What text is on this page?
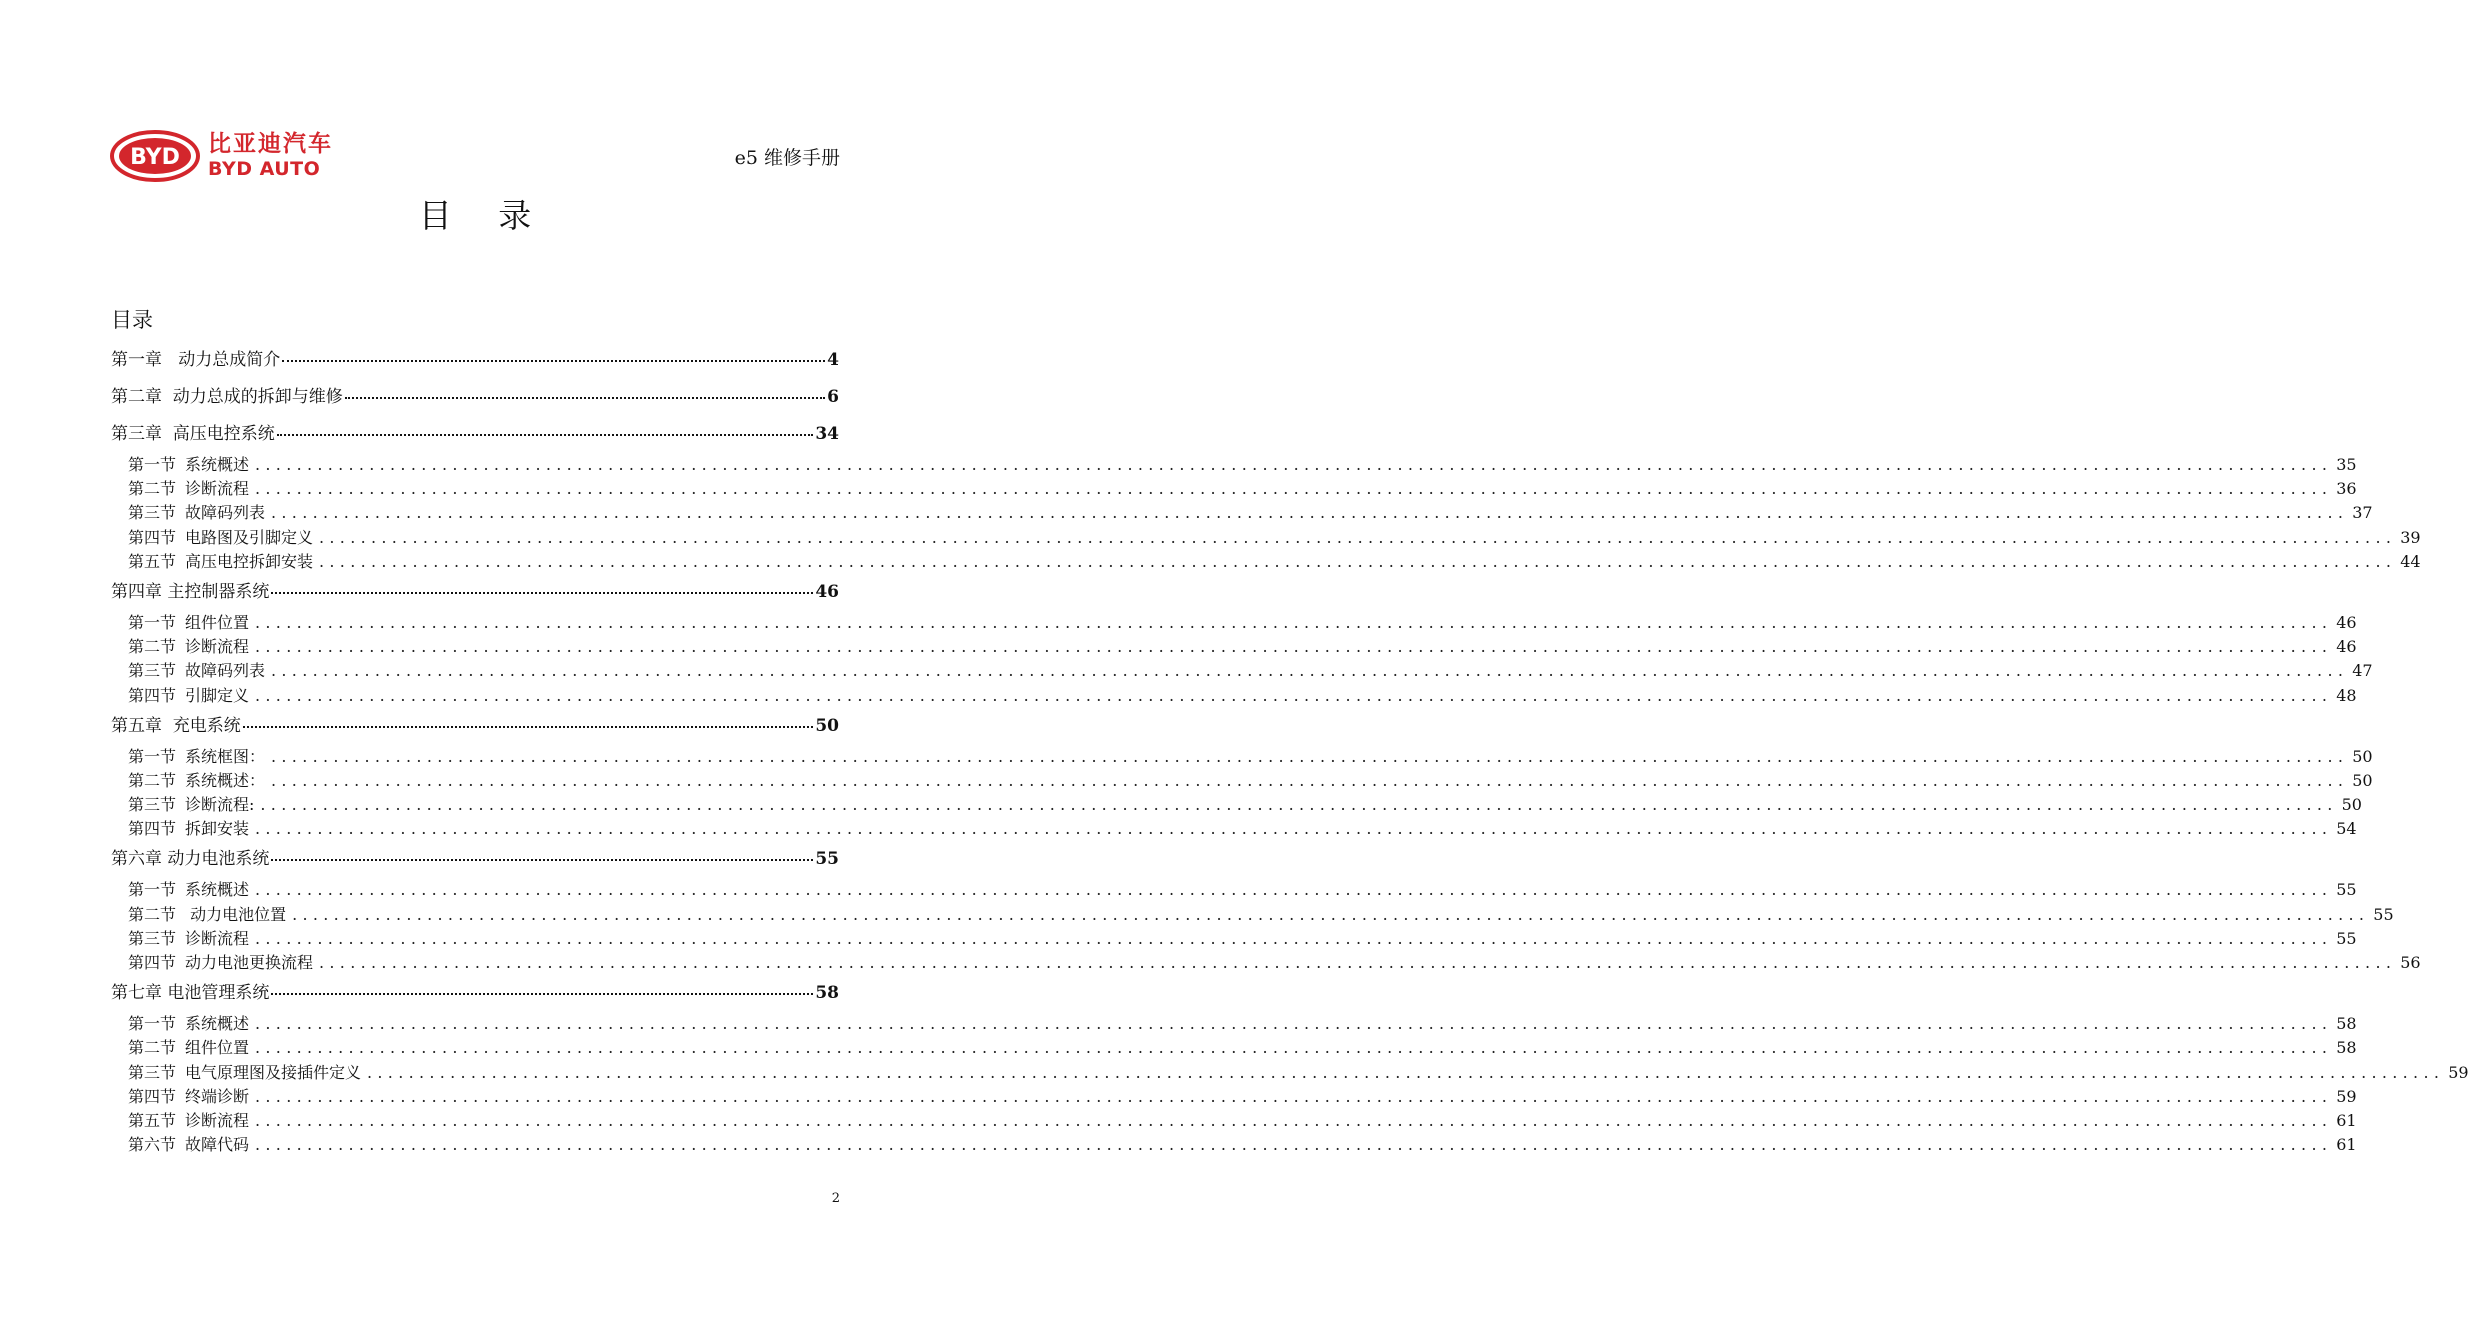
BYD
比亚迪汽车
BYD AUTO	e5 维修手册
目 录
目录
第一章 动力总成简介	4
第二章 动力总成的拆卸与维修	6
第三章 高压电控系统	34
第一节 系统概述 ........................................................................................................................................................................................................ 35
第二节 诊断流程 ........................................................................................................................................................................................................ 36
第三节 故障码列表 ........................................................................................................................................................................................................ 37
第四节 电路图及引脚定义 ........................................................................................................................................................................................................ 39
第五节 高压电控拆卸安装 ........................................................................................................................................................................................................ 44
第四章 主控制器系统	46
第一节 组件位置 ........................................................................................................................................................................................................ 46
第二节 诊断流程 ........................................................................................................................................................................................................ 46
第三节 故障码列表 ........................................................................................................................................................................................................ 47
第四节 引脚定义 ........................................................................................................................................................................................................ 48
第五章 充电系统	50
第一节 系统框图： ........................................................................................................................................................................................................ 50
第二节 系统概述： ........................................................................................................................................................................................................ 50
第三节 诊断流程: ........................................................................................................................................................................................................ 50
第四节 拆卸安装 ........................................................................................................................................................................................................ 54
第六章 动力电池系统	55
第一节 系统概述 ........................................................................................................................................................................................................ 55
第二节 动力电池位置 ........................................................................................................................................................................................................ 55
第三节 诊断流程 ........................................................................................................................................................................................................ 55
第四节 动力电池更换流程 ........................................................................................................................................................................................................ 56
第七章 电池管理系统	58
第一节 系统概述 ........................................................................................................................................................................................................ 58
第二节 组件位置 ........................................................................................................................................................................................................ 58
第三节 电气原理图及接插件定义 ........................................................................................................................................................................................................ 59
第四节 终端诊断 ........................................................................................................................................................................................................ 59
第五节 诊断流程 ........................................................................................................................................................................................................ 61
第六节 故障代码 ........................................................................................................................................................................................................ 61
2
